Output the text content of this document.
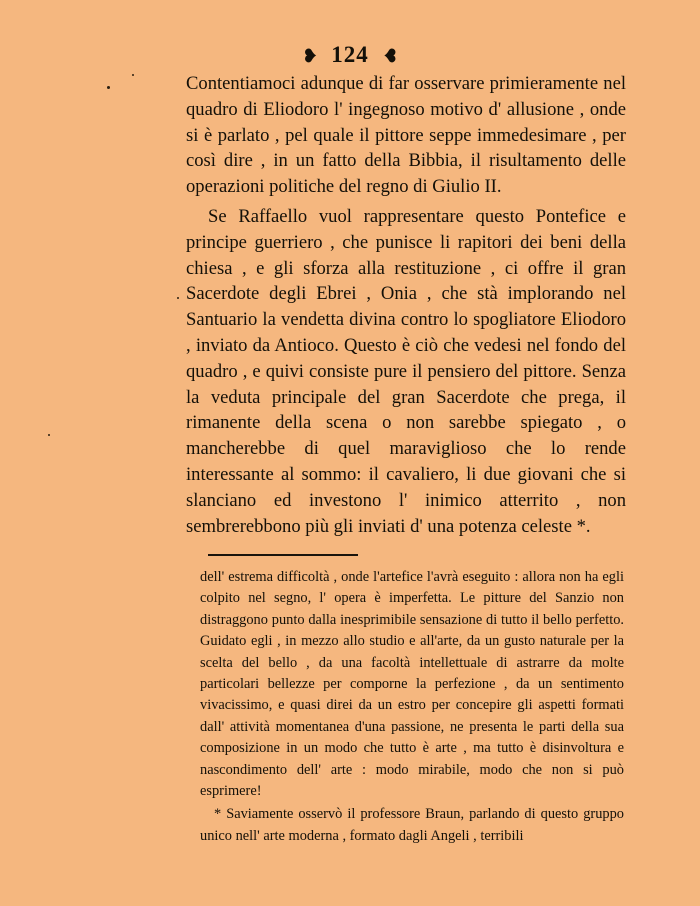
❥ 124 ❥

Contentiamoci adunque di far osservare primieramente nel quadro di Eliodoro l' ingegnoso motivo d' allusione , onde si è parlato , pel quale il pittore seppe immedesimare , per così dire , in un fatto della Bibbia, il risultamento delle operazioni politiche del regno di Giulio II.

Se Raffaello vuol rappresentare questo Pontefice e principe guerriero , che punisce li rapitori dei beni della chiesa , e gli sforza alla restituzione , ci offre il gran Sacerdote degli Ebrei , Onia , che stà implorando nel Santuario la vendetta divina contro lo spogliatore Eliodoro , inviato da Antioco. Questo è ciò che vedesi nel fondo del quadro , e quivi consiste pure il pensiero del pittore. Senza la veduta principale del gran Sacerdote che prega, il rimanente della scena o non sarebbe spiegato , o mancherebbe di quel maraviglioso che lo rende interessante al sommo: il cavaliero, li due giovani che si slanciano ed investono l' inimico atterrito , non sembrerebbono più gli inviati d' una potenza celeste *.

dell' estrema difficoltà , onde l'artefice l'avrà eseguito : allora non ha egli colpito nel segno, l' opera è imperfetta. Le pitture del Sanzio non distraggono punto dalla inesprimibile sensazione di tutto il bello perfetto. Guidato egli , in mezzo allo studio e all'arte, da un gusto naturale per la scelta del bello , da una facoltà intellettuale di astrarre da molte particolari bellezze per comporne la perfezione , da un sentimento vivacissimo, e quasi direi da un estro per concepire gli aspetti formati dall' attività momentanea d'una passione, ne presenta le parti della sua composizione in un modo che tutto è arte , ma tutto è disinvoltura e nascondimento dell' arte : modo mirabile, modo che non si può esprimere!

* Saviamente osservò il professore Braun, parlando di questo gruppo unico nell' arte moderna , formato dagli Angeli , terribili
